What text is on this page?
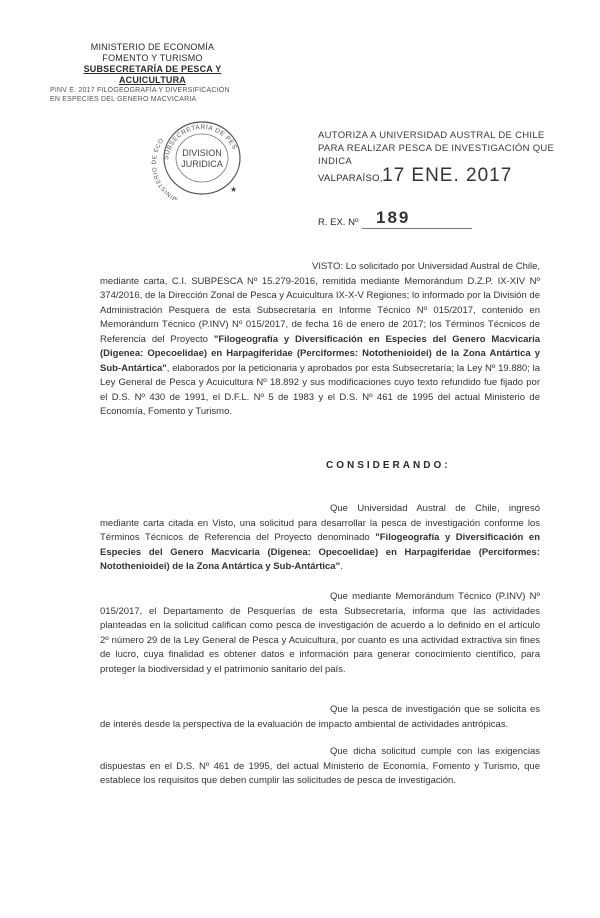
MINISTERIO DE ECONOMÍA
FOMENTO Y TURISMO
SUBSECRETARÍA DE PESCA Y ACUICULTURA
PINV E. 2017 FILOGEOGRAFÍA Y DIVERSIFICACIÓN
EN ESPECIES DEL GENERO MACVICARIA
SUBSECRETARÍA DE PES
MINISTERIO DE ECO
DIVISION
JURIDICA
★
AUTORIZA A UNIVERSIDAD AUSTRAL DE CHILE PARA REALIZAR PESCA DE INVESTIGACIÓN QUE INDICA
VALPARAÍSO, 17 ENE. 2017
R. EX. Nº 189
VISTO: Lo solicitado por Universidad Austral de Chile, mediante carta, C.I. SUBPESCA Nº 15.279-2016, remitida mediante Memorándum D.Z.P. IX-XIV Nº 374/2016, de la Dirección Zonal de Pesca y Acuicultura IX-X-V Regiones; lo informado por la División de Administración Pesquera de esta Subsecretaría en Informe Técnico Nº 015/2017, contenido en Memorándum Técnico (P.INV) Nº 015/2017, de fecha 16 de enero de 2017; los Términos Técnicos de Referencia del Proyecto "Filogeografía y Diversificación en Especies del Genero Macvicaria (Digenea: Opecoelidae) en Harpagiferidae (Perciformes: Notothenioidei) de la Zona Antártica y Sub-Antártica", elaborados por la peticionaria y aprobados por esta Subsecretaría; la Ley Nº 19.880; la Ley General de Pesca y Acuicultura Nº 18.892 y sus modificaciones cuyo texto refundido fue fijado por el D.S. Nº 430 de 1991, el D.F.L. Nº 5 de 1983 y el D.S. Nº 461 de 1995 del actual Ministerio de Economía, Fomento y Turismo.
CONSIDERANDO:
Que Universidad Austral de Chile, ingresó mediante carta citada en Visto, una solicitud para desarrollar la pesca de investigación conforme los Términos Técnicos de Referencia del Proyecto denominado "Filogeografía y Diversificación en Especies del Genero Macvicaria (Digenea: Opecoelidae) en Harpagiferidae (Perciformes: Notothenioidei) de la Zona Antártica y Sub-Antártica".
Que mediante Memorándum Técnico (P.INV) Nº 015/2017, el Departamento de Pesquerías de esta Subsecretaría, informa que las actividades planteadas en la solicitud califican como pesca de investigación de acuerdo a lo definido en el artículo 2º número 29 de la Ley General de Pesca y Acuicultura, por cuanto es una actividad extractiva sin fines de lucro, cuya finalidad es obtener datos e información para generar conocimiento científico, para proteger la biodiversidad y el patrimonio sanitario del país.
Que la pesca de investigación que se solicita es de interés desde la perspectiva de la evaluación de impacto ambiental de actividades antrópicas.
Que dicha solicitud cumple con las exigencias dispuestas en el D.S. Nº 461 de 1995, del actual Ministerio de Economía, Fomento y Turismo, que establece los requisitos que deben cumplir las solicitudes de pesca de investigación.
